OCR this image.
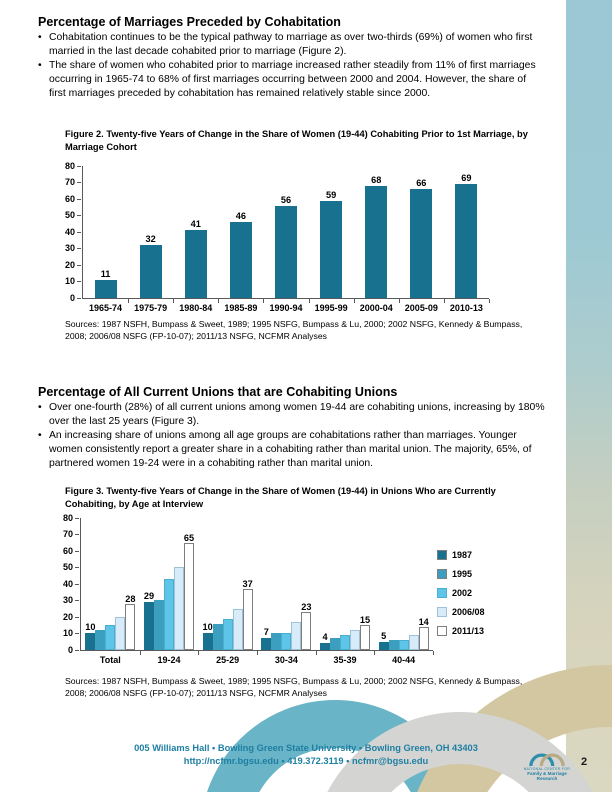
Percentage of Marriages Preceded by Cohabitation
• Cohabitation continues to be the typical pathway to marriage as over two-thirds (69%) of women who first married in the last decade cohabited prior to marriage (Figure 2).
• The share of women who cohabited prior to marriage increased rather steadily from 11% of first marriages occurring in 1965-74 to 68% of first marriages occurring between 2000 and 2004. However, the share of first marriages preceded by cohabitation has remained relatively stable since 2000.
Figure 2. Twenty-five Years of Change in the Share of Women (19-44) Cohabiting Prior to 1st Marriage, by Marriage Cohort
0
10
20
30
40
50
60
70
80
11
1965-74
32
1975-79
41
1980-84
46
1985-89
56
1990-94
59
1995-99
68
2000-04
66
2005-09
69
2010-13
Sources: 1987 NSFH, Bumpass & Sweet, 1989; 1995 NSFG, Bumpass & Lu, 2000; 2002 NSFG, Kennedy & Bumpass, 2008; 2006/08 NSFG (FP-10-07); 2011/13 NSFG, NCFMR Analyses
Percentage of All Current Unions that are Cohabiting Unions
• Over one-fourth (28%) of all current unions among women 19-44 are cohabiting unions, increasing by 180% over the last 25 years (Figure 3).
• An increasing share of unions among all age groups are cohabitations rather than marriages. Younger women consistently report a greater share in a cohabiting rather than marital union. The majority, 65%, of partnered women 19-24 were in a cohabiting rather than marital union.
Figure 3. Twenty-five Years of Change in the Share of Women (19-44) in Unions Who are Currently Cohabiting, by Age at Interview
0
10
20
30
40
50
60
70
80
10
28
Total
29
65
19-24
10
37
25-29
7
23
30-34
4
15
35-39
5
14
40-44
1987
1995
2002
2006/08
2011/13
Sources: 1987 NSFH, Bumpass & Sweet, 1989; 1995 NSFG, Bumpass & Lu, 2000; 2002 NSFG, Kennedy & Bumpass, 2008; 2006/08 NSFG (FP-10-07); 2011/13 NSFG, NCFMR Analyses
005 Williams Hall • Bowling Green State University • Bowling Green, OH 43403
http://ncfmr.bgsu.edu • 419.372.3119 • ncfmr@bgsu.edu
NATIONAL CENTER FOR
Family & Marriage Research
2
